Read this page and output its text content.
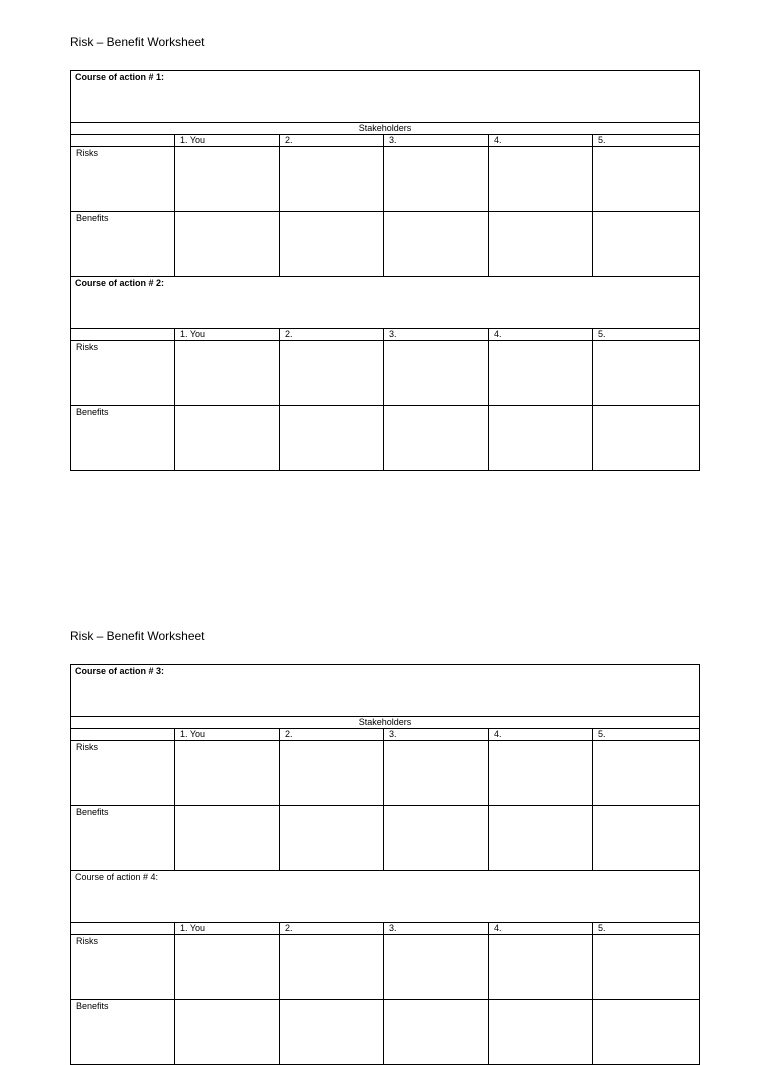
Risk – Benefit Worksheet
Course of action # 1:					
Stakeholders					
	1. You	2.	3.	4.	5.
Risks					
Benefits					
Course of action # 2:					
	1. You	2.	3.	4.	5.
Risks					
Benefits					
Risk – Benefit Worksheet
Course of action # 3:					
Stakeholders					
	1. You	2.	3.	4.	5.
Risks					
Benefits					
Course of action # 4:					
	1. You	2.	3.	4.	5.
Risks					
Benefits					
